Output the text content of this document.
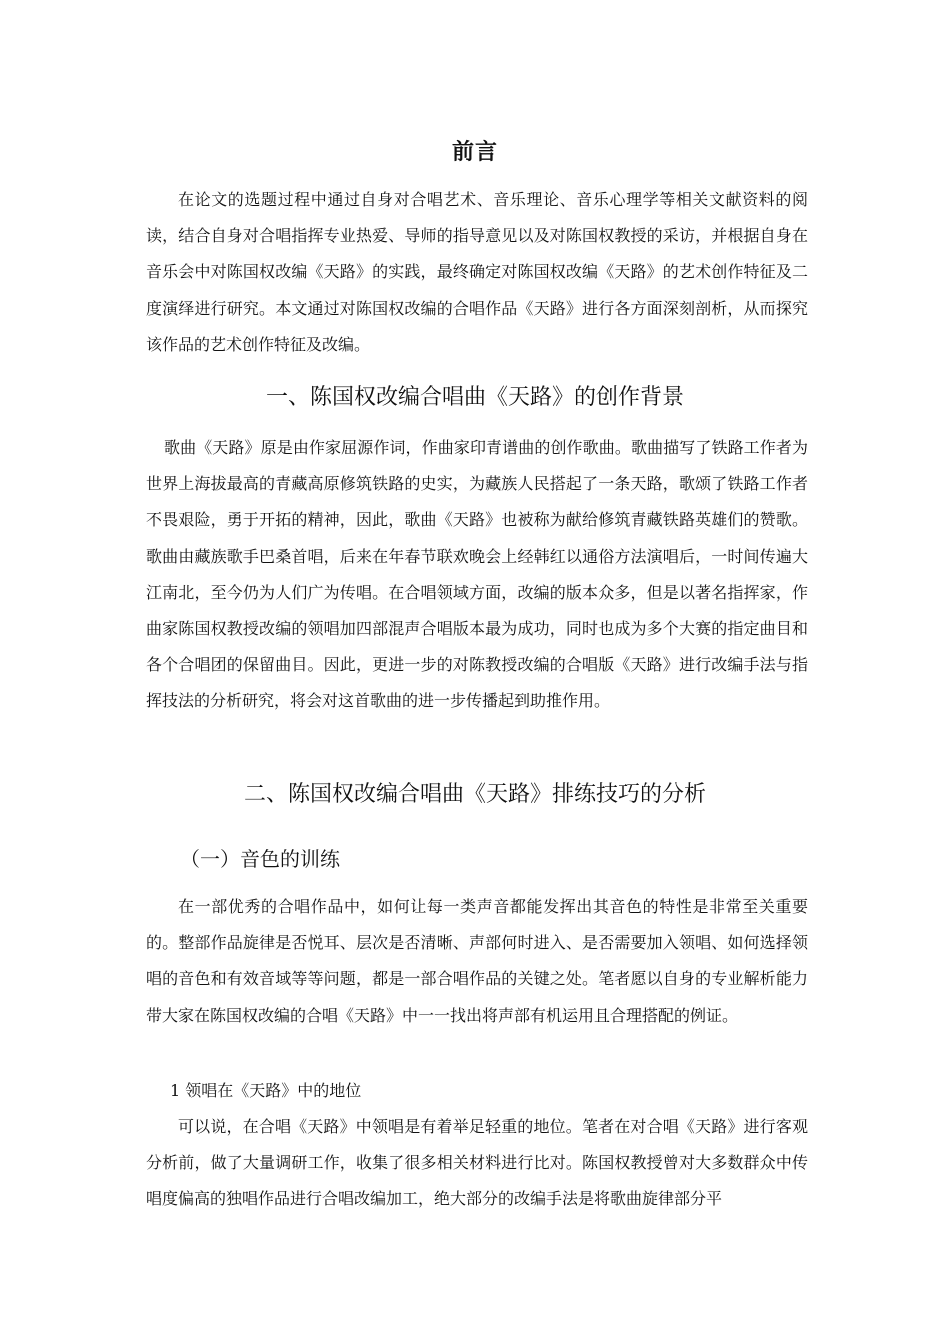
前言

在论文的选题过程中通过自身对合唱艺术、音乐理论、音乐心理学等相关文献资料的阅读，结合自身对合唱指挥专业热爱、导师的指导意见以及对陈国权教授的采访，并根据自身在音乐会中对陈国权改编《天路》的实践，最终确定对陈国权改编《天路》的艺术创作特征及二度演绎进行研究。本文通过对陈国权改编的合唱作品《天路》进行各方面深刻剖析，从而探究该作品的艺术创作特征及改编。

一、陈国权改编合唱曲《天路》的创作背景

歌曲《天路》原是由作家屈源作词，作曲家印青谱曲的创作歌曲。歌曲描写了铁路工作者为世界上海拔最高的青藏高原修筑铁路的史实，为藏族人民搭起了一条天路，歌颂了铁路工作者不畏艰险，勇于开拓的精神，因此，歌曲《天路》也被称为献给修筑青藏铁路英雄们的赞歌。歌曲由藏族歌手巴桑首唱，后来在年春节联欢晚会上经韩红以通俗方法演唱后，一时间传遍大江南北，至今仍为人们广为传唱。在合唱领域方面，改编的版本众多，但是以著名指挥家，作曲家陈国权教授改编的领唱加四部混声合唱版本最为成功，同时也成为多个大赛的指定曲目和各个合唱团的保留曲目。因此，更进一步的对陈教授改编的合唱版《天路》进行改编手法与指挥技法的分析研究，将会对这首歌曲的进一步传播起到助推作用。

二、陈国权改编合唱曲《天路》排练技巧的分析
（一）音色的训练

在一部优秀的合唱作品中，如何让每一类声音都能发挥出其音色的特性是非常至关重要的。整部作品旋律是否悦耳、层次是否清晰、声部何时进入、是否需要加入领唱、如何选择领唱的音色和有效音域等等问题，都是一部合唱作品的关键之处。笔者愿以自身的专业解析能力带大家在陈国权改编的合唱《天路》中一一找出将声部有机运用且合理搭配的例证。

1 领唱在《天路》中的地位

可以说，在合唱《天路》中领唱是有着举足轻重的地位。笔者在对合唱《天路》进行客观分析前，做了大量调研工作，收集了很多相关材料进行比对。陈国权教授曾对大多数群众中传唱度偏高的独唱作品进行合唱改编加工，绝大部分的改编手法是将歌曲旋律部分平
